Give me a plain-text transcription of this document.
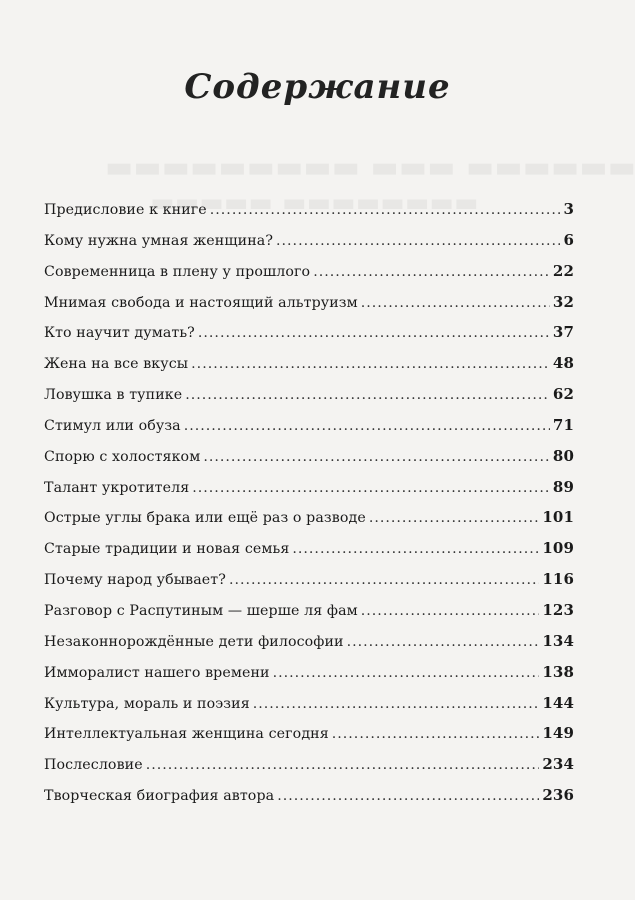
Содержание
Предисловие к книге .....	3
Кому нужна умная женщина? .....	6
Современница в плену у прошлого .....	22
Мнимая свобода и настоящий альтруизм .....	32
Кто научит думать? .....	37
Жена на все вкусы .....	48
Ловушка в тупике .....	62
Стимул или обуза .....	71
Спорю с холостяком .....	80
Талант укротителя .....	89
Острые углы брака или ещё раз о разводе .....	101
Старые традиции и новая семья .....	109
Почему народ убывает? .....	116
Разговор с Распутиным — шерше ля фам .....	123
Незаконнорождённые дети философии .....	134
Имморалист нашего времени .....	138
Культура, мораль и поэзия .....	144
Интеллектуальная женщина сегодня .....	149
Послесловие .....	234
Творческая биография автора .....	236
